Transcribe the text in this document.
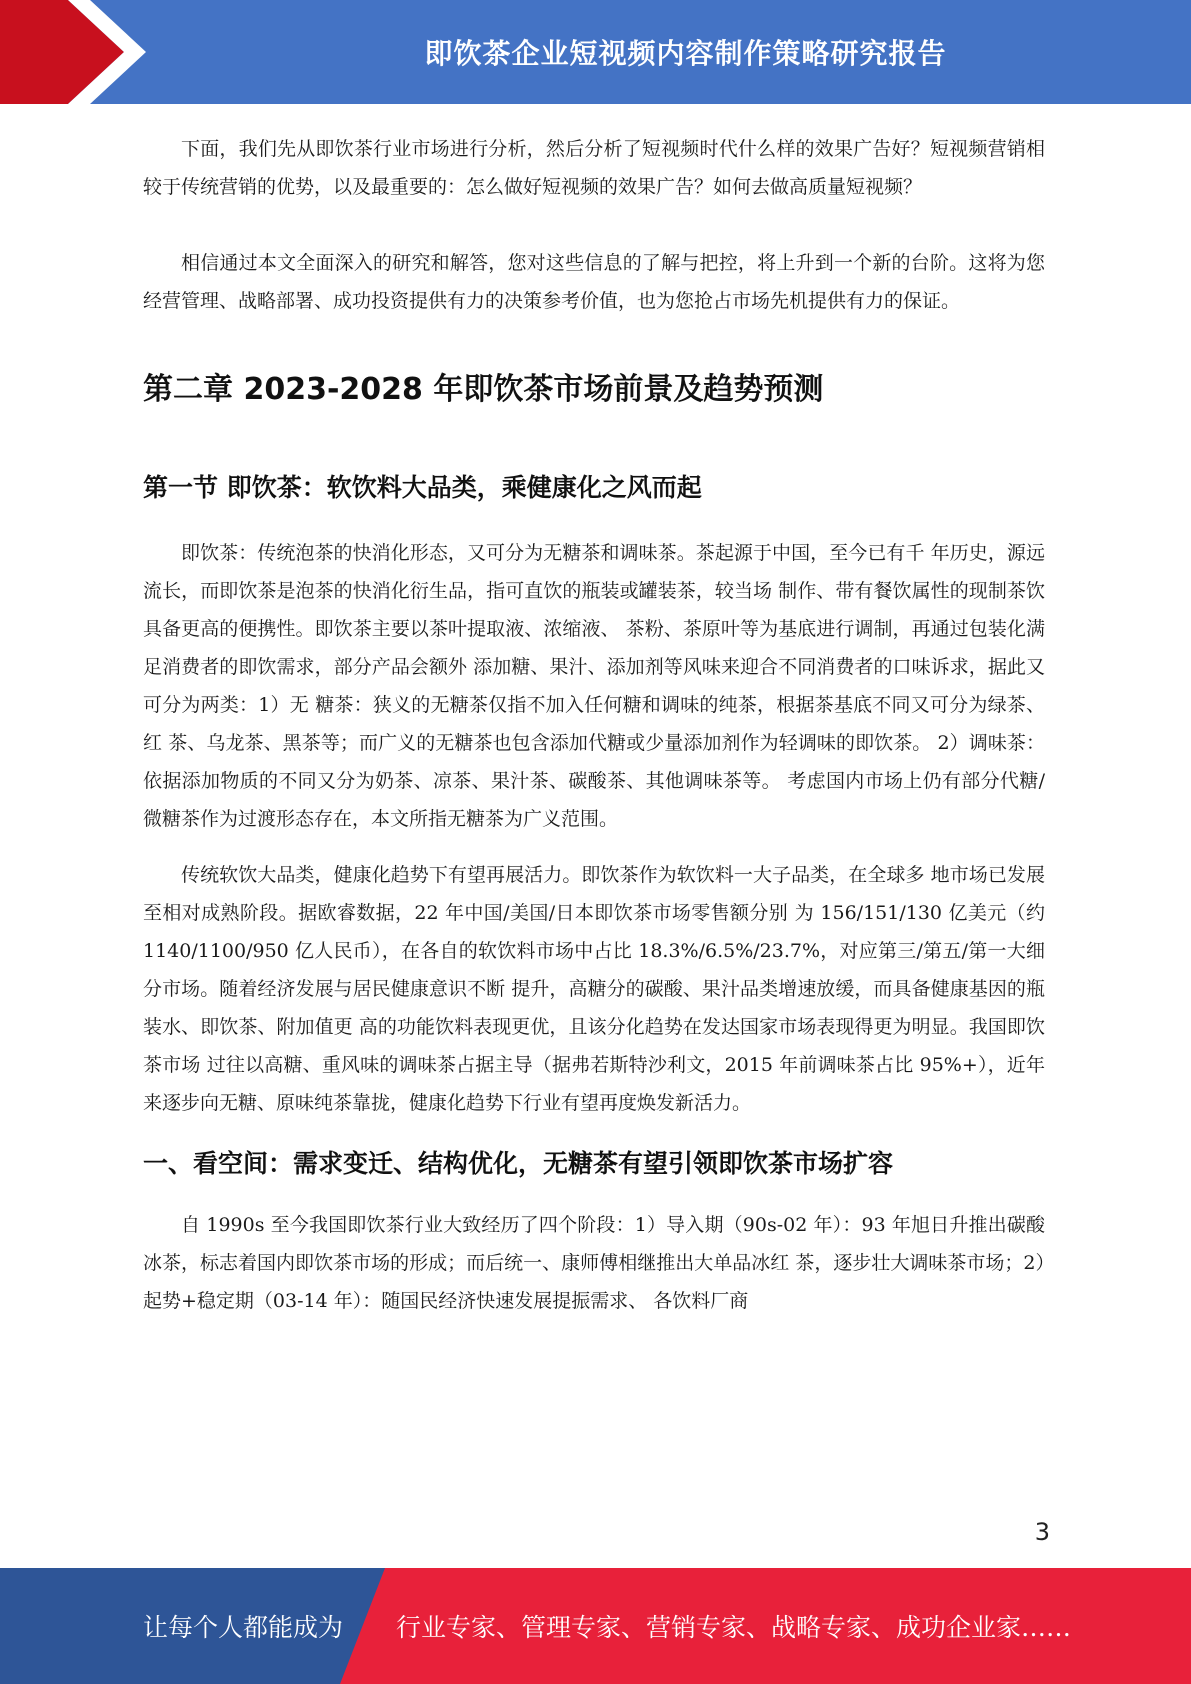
即饮茶企业短视频内容制作策略研究报告

下面，我们先从即饮茶行业市场进行分析，然后分析了短视频时代什么样的效果广告好？短视频营销相较于传统营销的优势，以及最重要的：怎么做好短视频的效果广告？如何去做高质量短视频？

相信通过本文全面深入的研究和解答，您对这些信息的了解与把控，将上升到一个新的台阶。这将为您经营管理、战略部署、成功投资提供有力的决策参考价值，也为您抢占市场先机提供有力的保证。

第二章 2023-2028 年即饮茶市场前景及趋势预测
第一节 即饮茶：软饮料大品类，乘健康化之风而起

即饮茶：传统泡茶的快消化形态，又可分为无糖茶和调味茶。茶起源于中国，至今已有千 年历史，源远流长，而即饮茶是泡茶的快消化衍生品，指可直饮的瓶装或罐装茶，较当场 制作、带有餐饮属性的现制茶饮具备更高的便携性。即饮茶主要以茶叶提取液、浓缩液、 茶粉、茶原叶等为基底进行调制，再通过包装化满足消费者的即饮需求，部分产品会额外 添加糖、果汁、添加剂等风味来迎合不同消费者的口味诉求，据此又可分为两类：1）无 糖茶：狭义的无糖茶仅指不加入任何糖和调味的纯茶，根据茶基底不同又可分为绿茶、红 茶、乌龙茶、黑茶等；而广义的无糖茶也包含添加代糖或少量添加剂作为轻调味的即饮茶。 2）调味茶：依据添加物质的不同又分为奶茶、凉茶、果汁茶、碳酸茶、其他调味茶等。 考虑国内市场上仍有部分代糖/微糖茶作为过渡形态存在，本文所指无糖茶为广义范围。

传统软饮大品类，健康化趋势下有望再展活力。即饮茶作为软饮料一大子品类，在全球多 地市场已发展至相对成熟阶段。据欧睿数据，22 年中国/美国/日本即饮茶市场零售额分别 为 156/151/130 亿美元（约 1140/1100/950 亿人民币），在各自的软饮料市场中占比 18.3%/6.5%/23.7%，对应第三/第五/第一大细分市场。随着经济发展与居民健康意识不断 提升，高糖分的碳酸、果汁品类增速放缓，而具备健康基因的瓶装水、即饮茶、附加值更 高的功能饮料表现更优，且该分化趋势在发达国家市场表现得更为明显。我国即饮茶市场 过往以高糖、重风味的调味茶占据主导（据弗若斯特沙利文，2015 年前调味茶占比 95%+），近年来逐步向无糖、原味纯茶靠拢，健康化趋势下行业有望再度焕发新活力。

一、看空间：需求变迁、结构优化，无糖茶有望引领即饮茶市场扩容

自 1990s 至今我国即饮茶行业大致经历了四个阶段：1）导入期（90s-02 年）：93 年旭日升推出碳酸冰茶，标志着国内即饮茶市场的形成；而后统一、康师傅相继推出大单品冰红 茶，逐步壮大调味茶市场；2）起势+稳定期（03-14 年）：随国民经济快速发展提振需求、 各饮料厂商

3
让每个人都能成为 行业专家、管理专家、营销专家、战略专家、成功企业家……
